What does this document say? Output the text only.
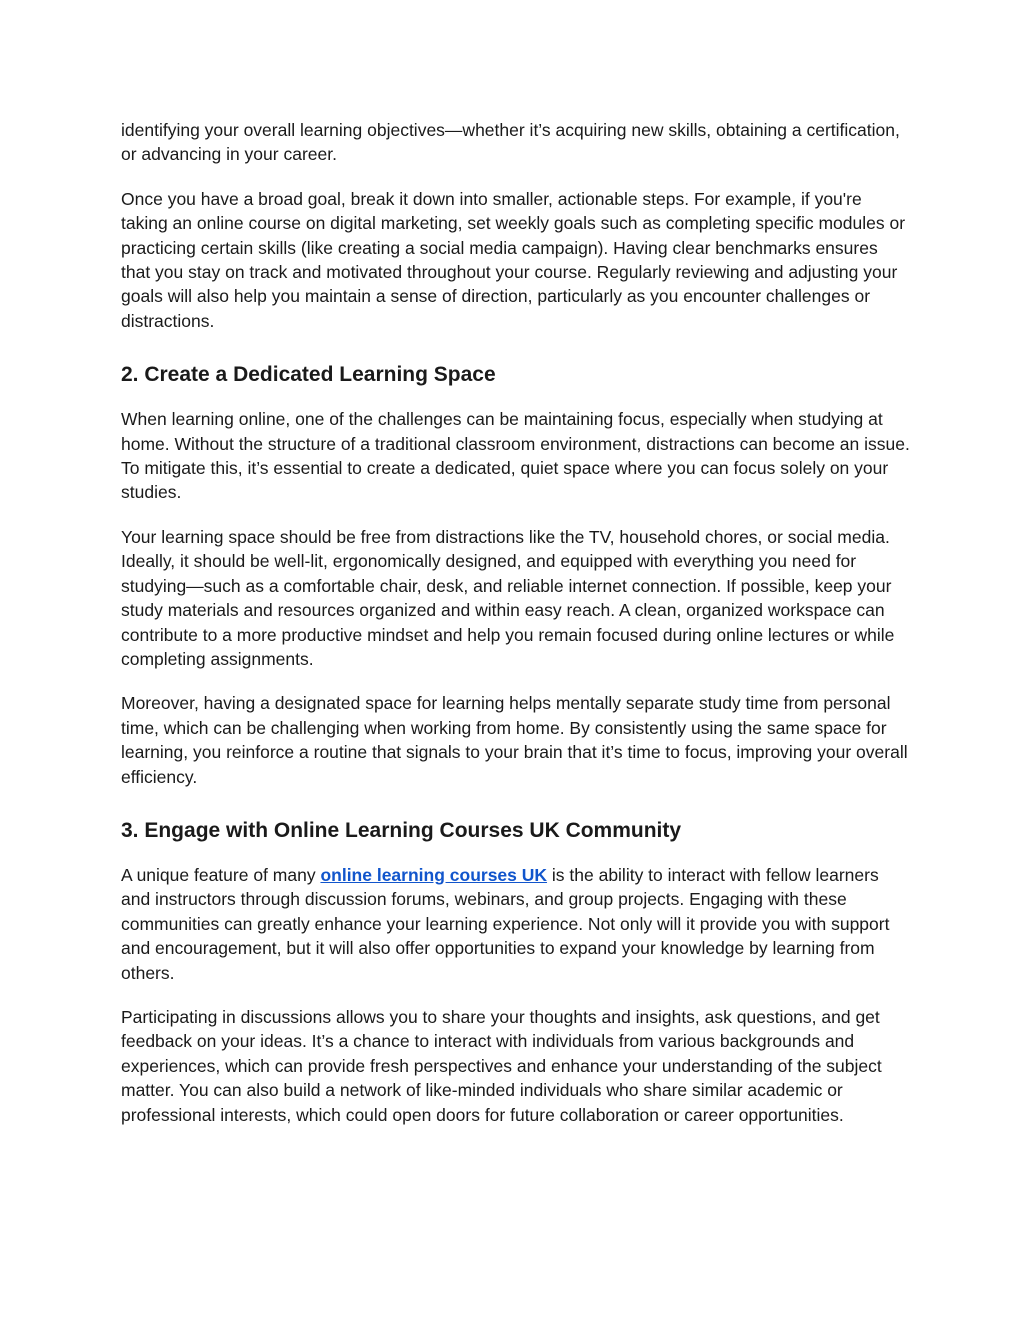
identifying your overall learning objectives—whether it’s acquiring new skills, obtaining a certification, or advancing in your career.

Once you have a broad goal, break it down into smaller, actionable steps. For example, if you're taking an online course on digital marketing, set weekly goals such as completing specific modules or practicing certain skills (like creating a social media campaign). Having clear benchmarks ensures that you stay on track and motivated throughout your course. Regularly reviewing and adjusting your goals will also help you maintain a sense of direction, particularly as you encounter challenges or distractions.

2. Create a Dedicated Learning Space

When learning online, one of the challenges can be maintaining focus, especially when studying at home. Without the structure of a traditional classroom environment, distractions can become an issue. To mitigate this, it’s essential to create a dedicated, quiet space where you can focus solely on your studies.

Your learning space should be free from distractions like the TV, household chores, or social media. Ideally, it should be well-lit, ergonomically designed, and equipped with everything you need for studying—such as a comfortable chair, desk, and reliable internet connection. If possible, keep your study materials and resources organized and within easy reach. A clean, organized workspace can contribute to a more productive mindset and help you remain focused during online lectures or while completing assignments.

Moreover, having a designated space for learning helps mentally separate study time from personal time, which can be challenging when working from home. By consistently using the same space for learning, you reinforce a routine that signals to your brain that it’s time to focus, improving your overall efficiency.

3. Engage with Online Learning Courses UK Community

A unique feature of many online learning courses UK is the ability to interact with fellow learners and instructors through discussion forums, webinars, and group projects. Engaging with these communities can greatly enhance your learning experience. Not only will it provide you with support and encouragement, but it will also offer opportunities to expand your knowledge by learning from others.

Participating in discussions allows you to share your thoughts and insights, ask questions, and get feedback on your ideas. It’s a chance to interact with individuals from various backgrounds and experiences, which can provide fresh perspectives and enhance your understanding of the subject matter. You can also build a network of like-minded individuals who share similar academic or professional interests, which could open doors for future collaboration or career opportunities.
